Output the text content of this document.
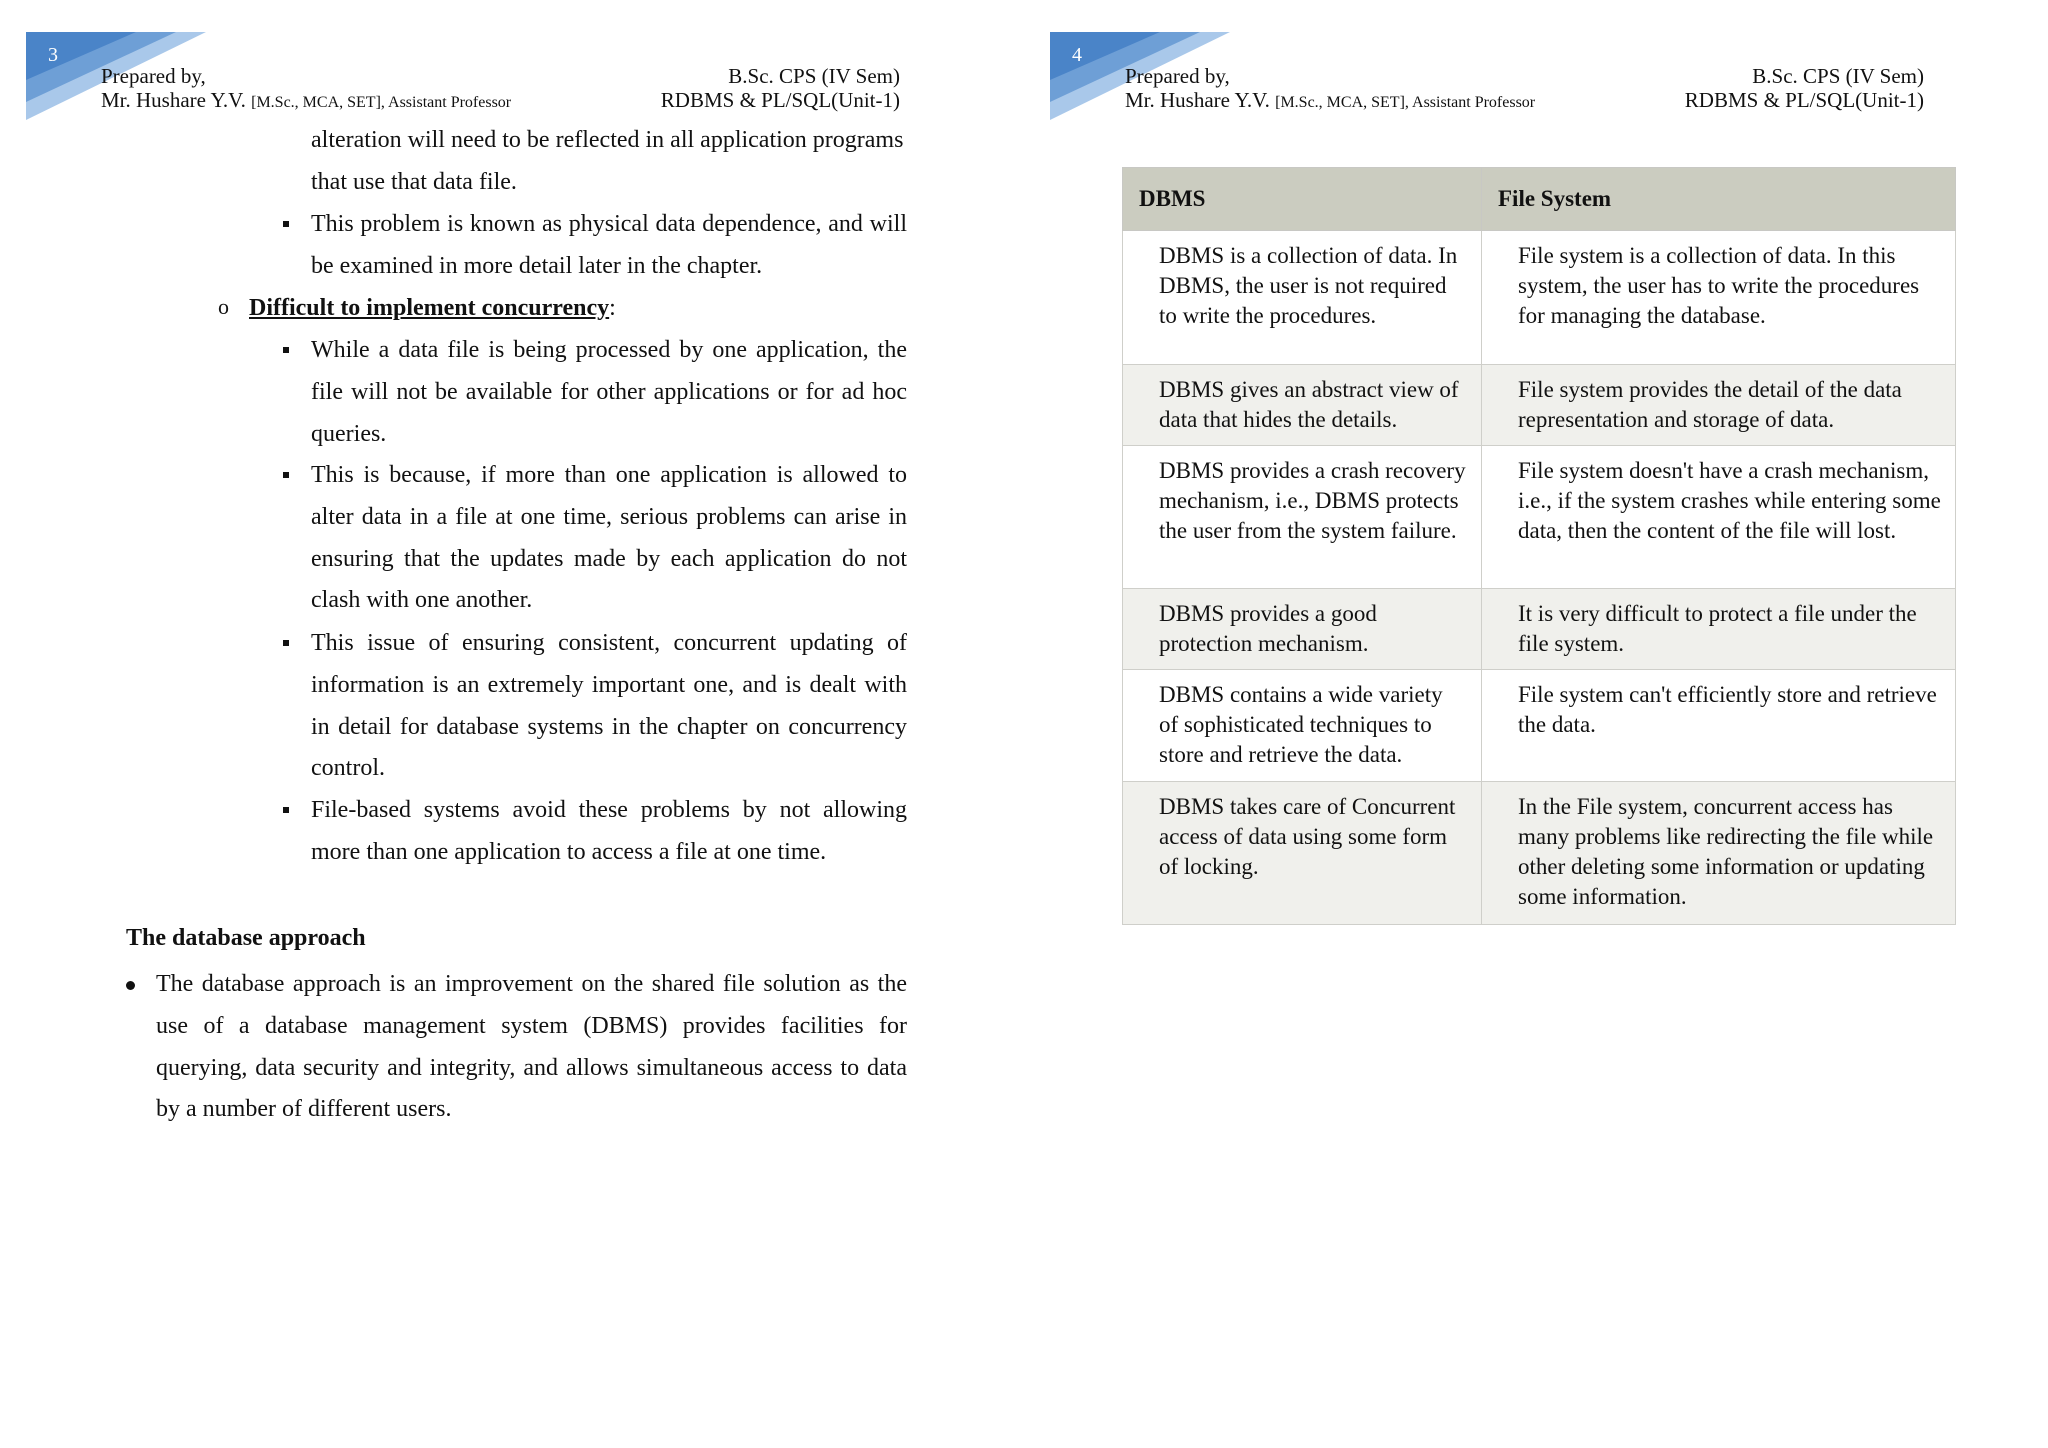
3
Prepared by,
Mr. Hushare Y.V. [M.Sc., MCA, SET], Assistant Professor
B.Sc. CPS (IV Sem)
RDBMS & PL/SQL(Unit-1)
alteration will need to be reflected in all application programs
that use that data file.
This problem is known as physical data dependence, and will be examined in more detail later in the chapter.
o Difficult to implement concurrency:
While a data file is being processed by one application, the file will not be available for other applications or for ad hoc queries.
This is because, if more than one application is allowed to alter data in a file at one time, serious problems can arise in ensuring that the updates made by each application do not clash with one another.
This issue of ensuring consistent, concurrent updating of information is an extremely important one, and is dealt with in detail for database systems in the chapter on concurrency control.
File-based systems avoid these problems by not allowing more than one application to access a file at one time.
The database approach
The database approach is an improvement on the shared file solution as the use of a database management system (DBMS) provides facilities for querying, data security and integrity, and allows simultaneous access to data by a number of different users.
4
Prepared by,
Mr. Hushare Y.V. [M.Sc., MCA, SET], Assistant Professor
B.Sc. CPS (IV Sem)
RDBMS & PL/SQL(Unit-1)
DBMS	File System
DBMS is a collection of data. In DBMS, the user is not required to write the procedures.	File system is a collection of data. In this system, the user has to write the procedures for managing the database.
DBMS gives an abstract view of data that hides the details.	File system provides the detail of the data representation and storage of data.
DBMS provides a crash recovery mechanism, i.e., DBMS protects the user from the system failure.	File system doesn't have a crash mechanism, i.e., if the system crashes while entering some data, then the content of the file will lost.
DBMS provides a good protection mechanism.	It is very difficult to protect a file under the file system.
DBMS contains a wide variety of sophisticated techniques to store and retrieve the data.	File system can't efficiently store and retrieve the data.
DBMS takes care of Concurrent access of data using some form of locking.	In the File system, concurrent access has many problems like redirecting the file while other deleting some information or updating some information.
